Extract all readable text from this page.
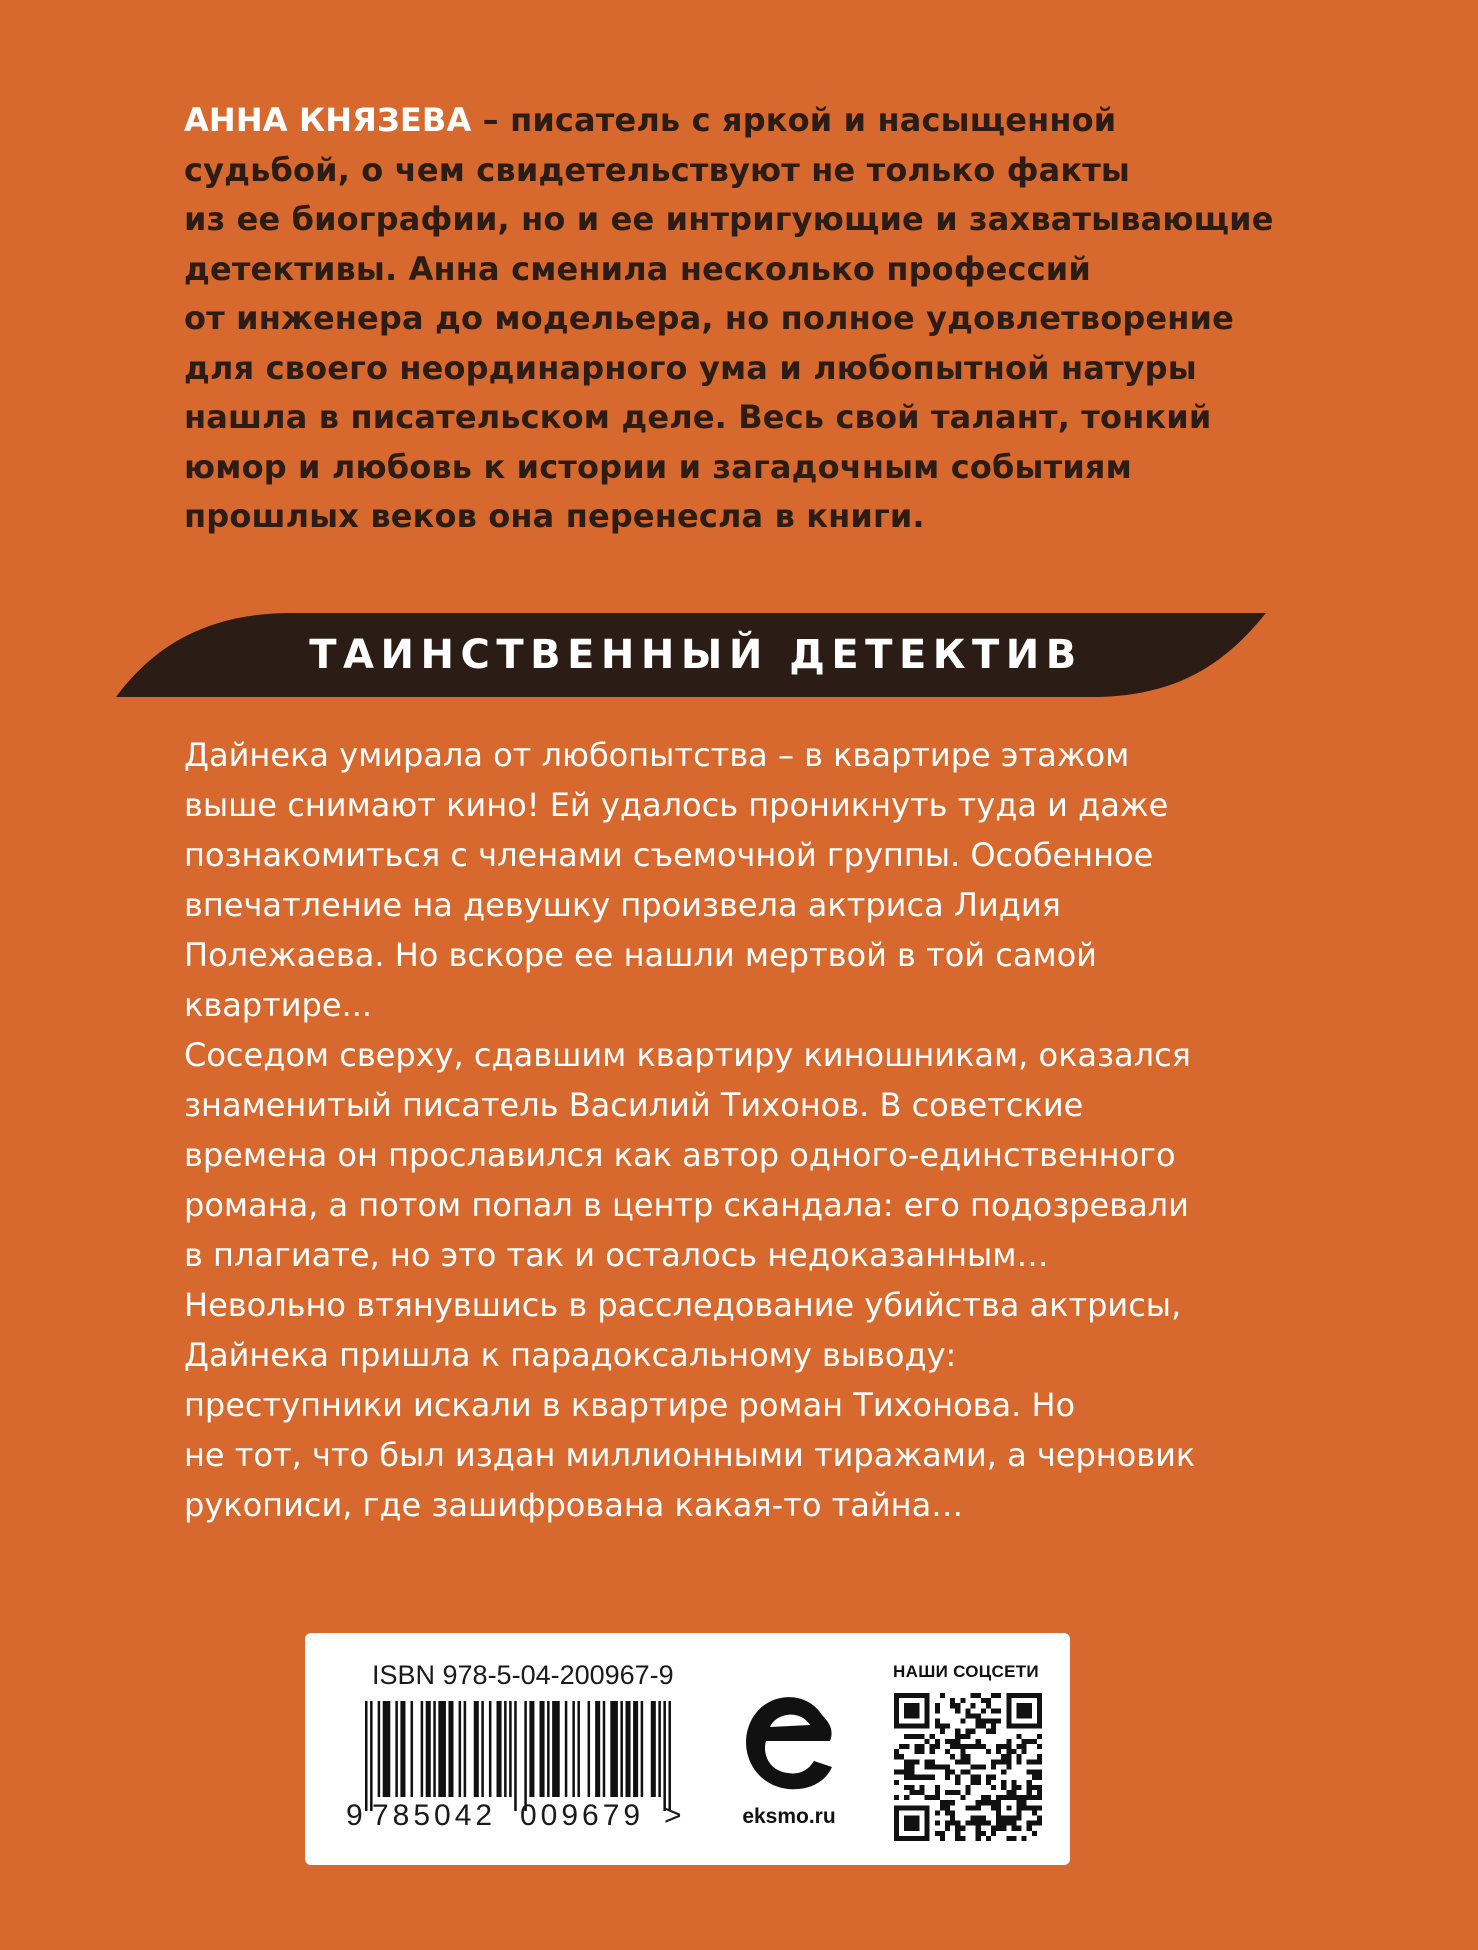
АННА КНЯЗЕВА – писатель с яркой и насыщенной
судьбой, о чем свидетельствуют не только факты
из ее биографии, но и ее интригующие и захватывающие
детективы. Анна сменила несколько профессий
от инженера до модельера, но полное удовлетворение
для своего неординарного ума и любопытной натуры
нашла в писательском деле. Весь свой талант, тонкий
юмор и любовь к истории и загадочным событиям
прошлых веков она перенесла в книги.
ТАИНСТВЕННЫЙ ДЕТЕКТИВ
Дайнека умирала от любопытства – в квартире этажом
выше снимают кино! Ей удалось проникнуть туда и даже
познакомиться с членами съемочной группы. Особенное
впечатление на девушку произвела актриса Лидия
Полежаева. Но вскоре ее нашли мертвой в той самой
квартире...
Соседом сверху, сдавшим квартиру киношникам, оказался
знаменитый писатель Василий Тихонов. В советские
времена он прославился как автор одного-единственного
романа, а потом попал в центр скандала: его подозревали
в плагиате, но это так и осталось недоказанным…
Невольно втянувшись в расследование убийства актрисы,
Дайнека пришла к парадоксальному выводу:
преступники искали в квартире роман Тихонова. Но
не тот, что был издан миллионными тиражами, а черновик
рукописи, где зашифрована какая-то тайна…
ISBN 978-5-04-200967-9
9 785042 009679 >	eksmo.ru
НАШИ СОЦСЕТИ
